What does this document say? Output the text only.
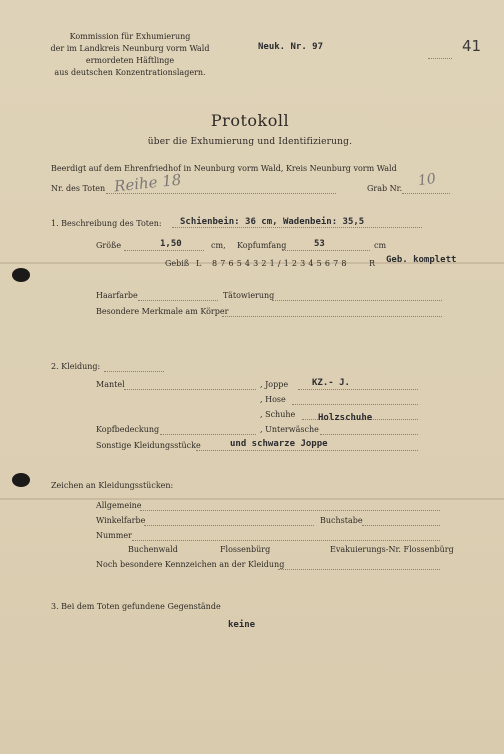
Kommission für Exhumierung
der im Landkreis Neunburg vorm Wald
ermordeten Häftlinge
aus deutschen Konzentrationslagern.
Neuk. Nr. 97	41
Protokoll
über die Exhumierung und Identifizierung.
Beerdigt auf dem Ehrenfriedhof in Neunburg vorm Wald, Kreis Neunburg vorm Wald
Nr. des Toten Reihe 18	Grab Nr. 10
1. Beschreibung des Toten: Schienbein: 36 cm, Wadenbein: 35,5
Größe	1,50	cm, Kopfumfang	53	cm
Gebiß L 8 7 6 5 4 3 2 1 / 1 2 3 4 5 6 7 8	R Geb. komplett
Haarfarbe	Tätowierung
Besondere Merkmale am Körper
2. Kleidung:
Mantel	, Joppe	KZ.- J.
, Hose
, Schuhe	Holzschuhe
Kopfbedeckung	, Unterwäsche
Sonstige Kleidungsstücke	und schwarze Joppe
Zeichen an Kleidungsstücken:
Allgemeine
Winkelfarbe	Buchstabe
Nummer
Buchenwald	Flossenbürg	Evakuierungs-Nr. Flossenbürg
Noch besondere Kennzeichen an der Kleidung
3. Bei dem Toten gefundene Gegenstände
keine
